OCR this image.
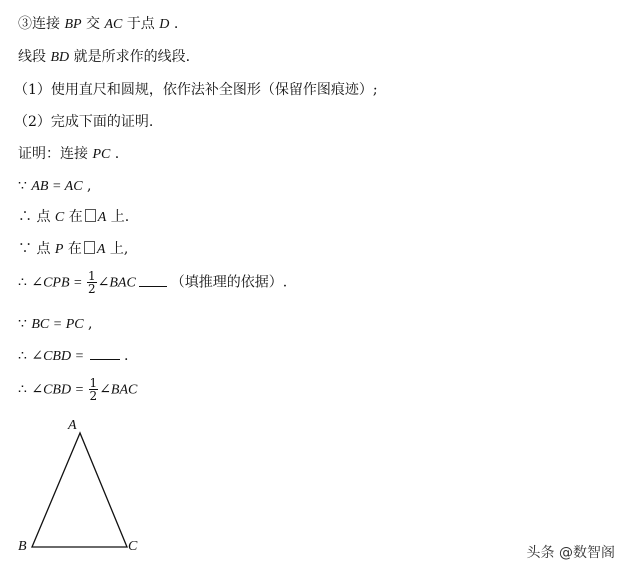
③连接 BP 交 AC 于点 D .
线段 BD 就是所求作的线段.
（1）使用直尺和圆规，依作法补全图形（保留作图痕迹）;
（2）完成下面的证明.
证明：连接 PC .
∵ AB = AC ,
∴ 点 C 在 A 上.
∵ 点 P 在 A 上,
∴ ∠CPB = $\frac{1}{2}$ ∠BAC	（填推理的依据）.
∵ BC = PC ,
∴ ∠CBD =  .
∴ ∠CBD = $\frac{1}{2}$ ∠BAC
A
B	C	头条 @数智阁
